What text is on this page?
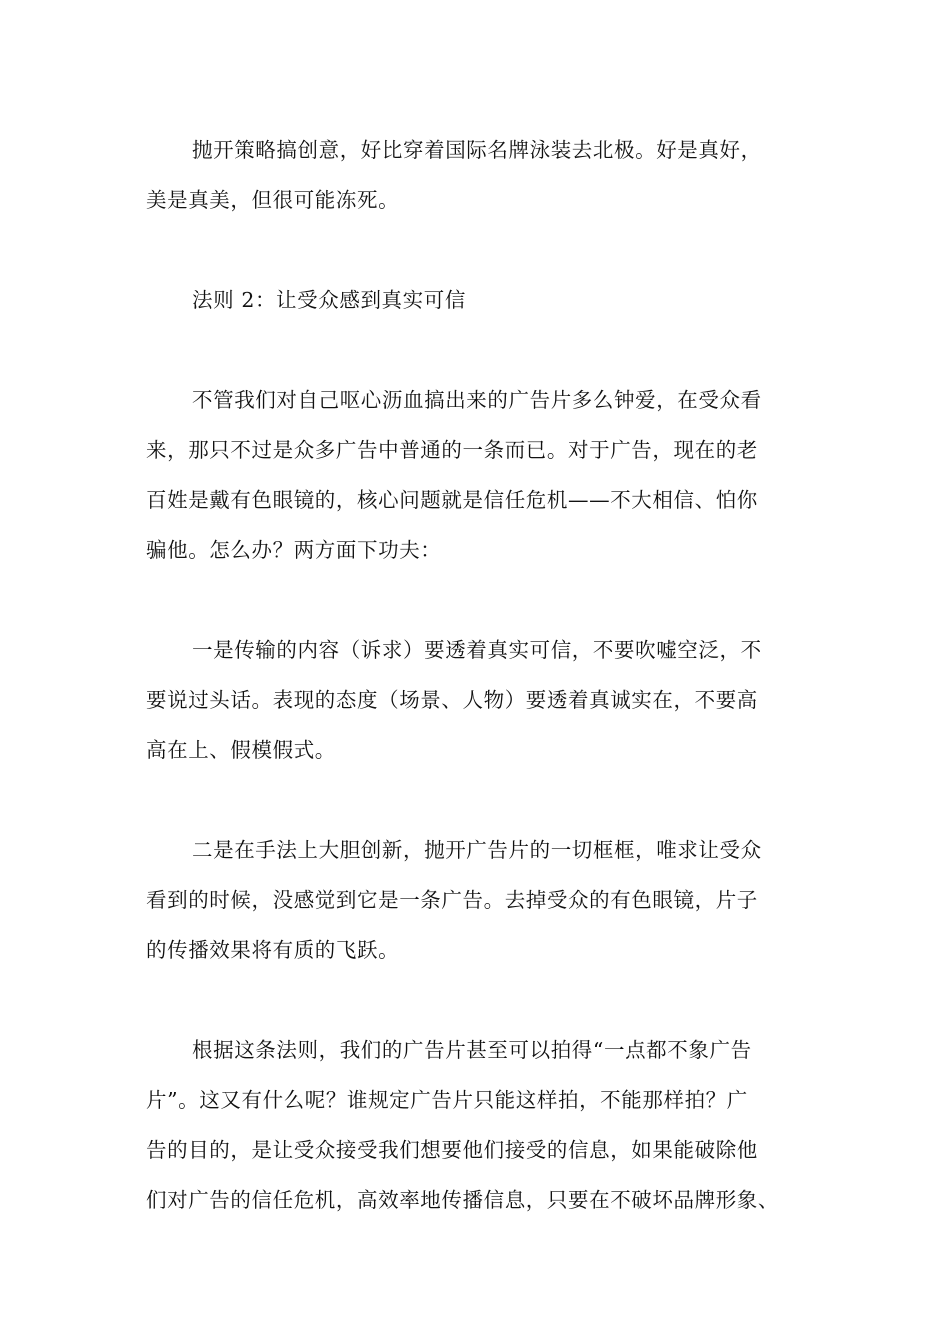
抛开策略搞创意，好比穿着国际名牌泳装去北极。好是真好，
美是真美，但很可能冻死。
法则 2：让受众感到真实可信
不管我们对自己呕心沥血搞出来的广告片多么钟爱，在受众看
来，那只不过是众多广告中普通的一条而已。对于广告，现在的老
百姓是戴有色眼镜的，核心问题就是信任危机——不大相信、怕你
骗他。怎么办？两方面下功夫：
一是传输的内容（诉求）要透着真实可信，不要吹嘘空泛，不
要说过头话。表现的态度（场景、人物）要透着真诚实在，不要高
高在上、假模假式。
二是在手法上大胆创新，抛开广告片的一切框框，唯求让受众
看到的时候，没感觉到它是一条广告。去掉受众的有色眼镜，片子
的传播效果将有质的飞跃。
根据这条法则，我们的广告片甚至可以拍得“一点都不象广告
片”。这又有什么呢？谁规定广告片只能这样拍，不能那样拍？广
告的目的，是让受众接受我们想要他们接受的信息，如果能破除他
们对广告的信任危机，高效率地传播信息，只要在不破坏品牌形象、
